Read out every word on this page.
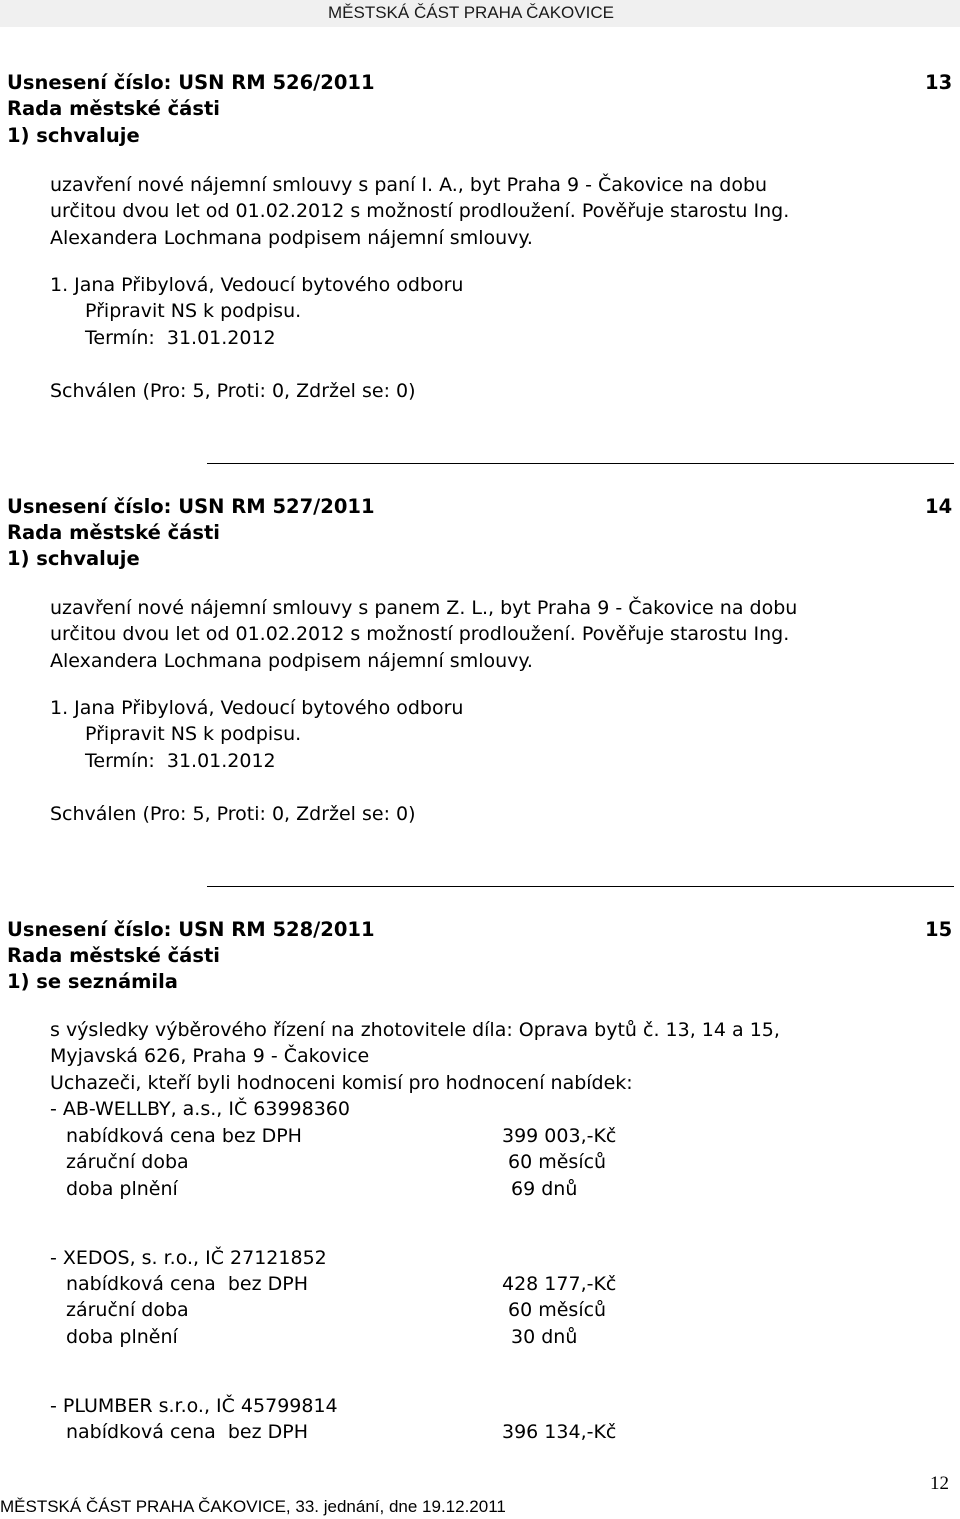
MĚSTSKÁ ČÁST PRAHA ČAKOVICE
Usnesení číslo: USN RM 526/2011	13
Rada městské části
1) schvaluje
uzavření nové nájemní smlouvy s paní I. A., byt Praha 9 - Čakovice na dobu
určitou dvou let od 01.02.2012 s možností prodloužení. Pověřuje starostu Ing.
Alexandera Lochmana podpisem nájemní smlouvy.
1. Jana Přibylová, Vedoucí bytového odboru
Připravit NS k podpisu.
Termín:  31.01.2012
Schválen (Pro: 5, Proti: 0, Zdržel se: 0)
Usnesení číslo: USN RM 527/2011	14
Rada městské části
1) schvaluje
uzavření nové nájemní smlouvy s panem Z. L., byt Praha 9 - Čakovice na dobu
určitou dvou let od 01.02.2012 s možností prodloužení. Pověřuje starostu Ing.
Alexandera Lochmana podpisem nájemní smlouvy.
1. Jana Přibylová, Vedoucí bytového odboru
Připravit NS k podpisu.
Termín:  31.01.2012
Schválen (Pro: 5, Proti: 0, Zdržel se: 0)
Usnesení číslo: USN RM 528/2011	15
Rada městské části
1) se seznámila
s výsledky výběrového řízení na zhotovitele díla: Oprava bytů č. 13, 14 a 15,
Myjavská 626, Praha 9 - Čakovice
Uchazeči, kteří byli hodnoceni komisí pro hodnocení nabídek:
- AB-WELLBY, a.s., IČ 63998360
nabídková cena bez DPH	399 003,-Kč
záruční doba	60 měsíců
doba plnění	69 dnů
- XEDOS, s. r.o., IČ 27121852
nabídková cena  bez DPH	428 177,-Kč
záruční doba	60 měsíců
doba plnění	30 dnů
- PLUMBER s.r.o., IČ 45799814
nabídková cena  bez DPH	396 134,-Kč
12
MĚSTSKÁ ČÁST PRAHA ČAKOVICE, 33. jednání, dne 19.12.2011
